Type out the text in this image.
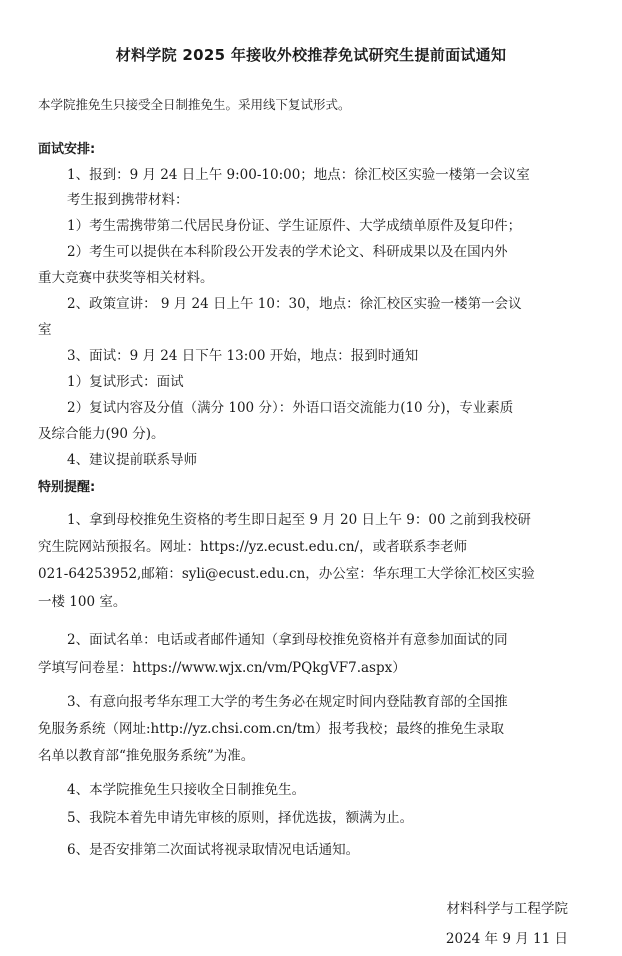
材料学院 2025 年接收外校推荐免试研究生提前面试通知
本学院推免生只接受全日制推免生。采用线下复试形式。
面试安排:
1、报到：9 月 24 日上午 9:00-10:00；地点：徐汇校区实验一楼第一会议室
考生报到携带材料：
1）考生需携带第二代居民身份证、学生证原件、大学成绩单原件及复印件；
2）考生可以提供在本科阶段公开发表的学术论文、科研成果以及在国内外
重大竞赛中获奖等相关材料。
2、政策宣讲： 9 月 24 日上午 10：30，地点：徐汇校区实验一楼第一会议
室
3、面试：9 月 24 日下午 13:00 开始，地点：报到时通知
1）复试形式：面试
2）复试内容及分值（满分 100 分）：外语口语交流能力(10 分)，专业素质
及综合能力(90 分)。
4、建议提前联系导师
特别提醒:
1、拿到母校推免生资格的考生即日起至 9 月 20 日上午 9：00 之前到我校研
究生院网站预报名。网址：https://yz.ecust.edu.cn/，或者联系李老师
021-64253952,邮箱：syli@ecust.edu.cn，办公室：华东理工大学徐汇校区实验
一楼 100 室。
2、面试名单：电话或者邮件通知（拿到母校推免资格并有意参加面试的同
学填写问卷星：https://www.wjx.cn/vm/PQkgVF7.aspx）
3、有意向报考华东理工大学的考生务必在规定时间内登陆教育部的全国推
免服务系统（网址:http://yz.chsi.com.cn/tm）报考我校；最终的推免生录取
名单以教育部“推免服务系统”为准。
4、本学院推免生只接收全日制推免生。
5、我院本着先申请先审核的原则，择优选拔，额满为止。
6、是否安排第二次面试将视录取情况电话通知。
材料科学与工程学院
2024 年 9 月 11 日
